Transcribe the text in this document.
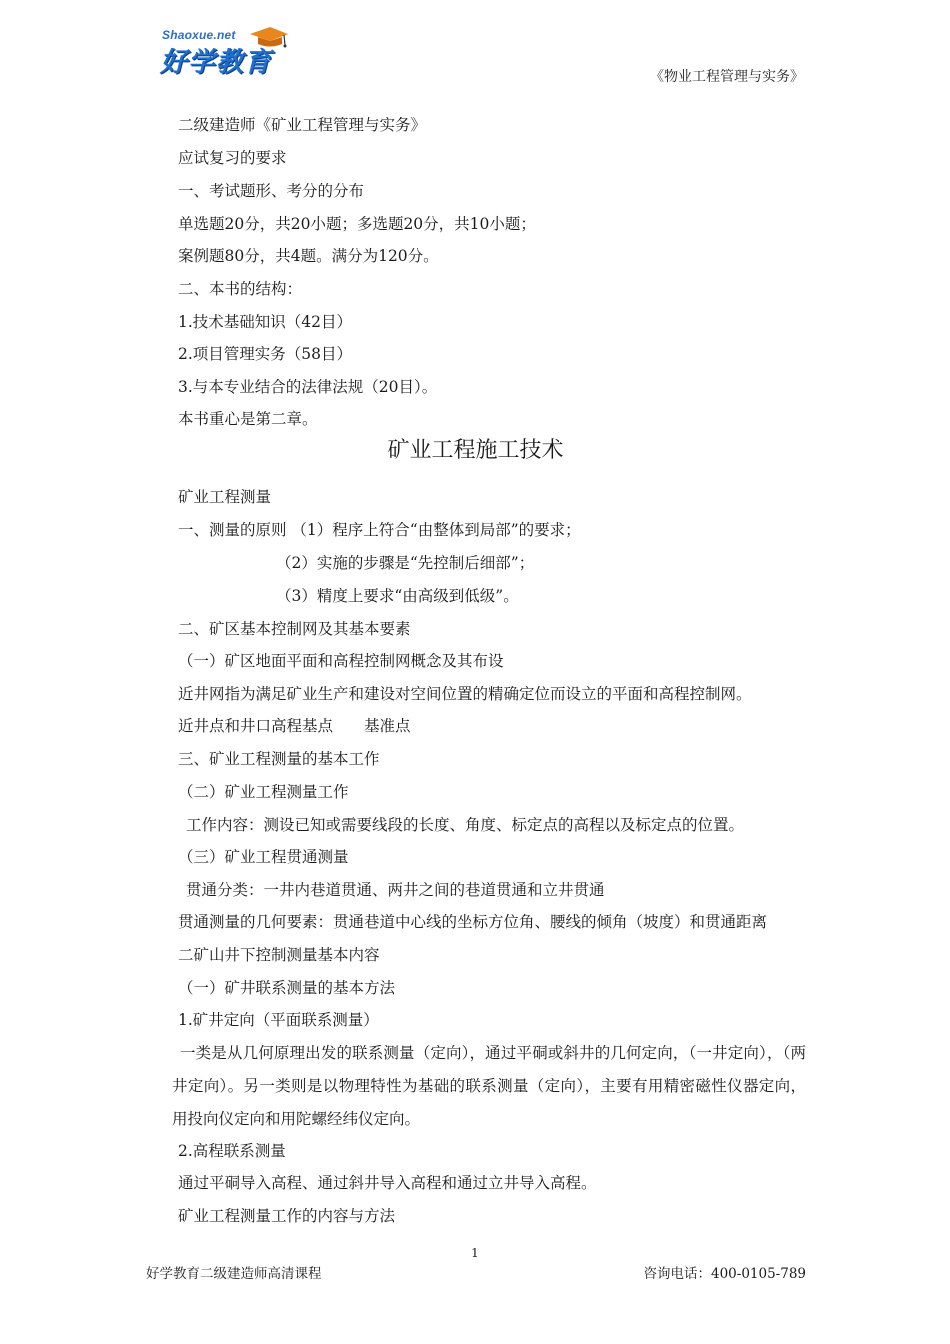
Shaoxue.net
好学教育	《物业工程管理与实务》
二级建造师《矿业工程管理与实务》
应试复习的要求
一、考试题形、考分的分布
单选题20分，共20小题；多选题20分，共10小题；
案例题80分，共4题。满分为120分。
二、本书的结构：
1.技术基础知识（42目）
2.项目管理实务（58目）
3.与本专业结合的法律法规（20目）。
本书重心是第二章。
矿业工程施工技术
矿业工程测量
一、测量的原则 （1）程序上符合“由整体到局部”的要求；
（2）实施的步骤是“先控制后细部”；
（3）精度上要求“由高级到低级”。
二、矿区基本控制网及其基本要素
（一）矿区地面平面和高程控制网概念及其布设
近井网指为满足矿业生产和建设对空间位置的精确定位而设立的平面和高程控制网。
近井点和井口高程基点　　基准点
三、矿业工程测量的基本工作
（二）矿业工程测量工作
工作内容：测设已知或需要线段的长度、角度、标定点的高程以及标定点的位置。
（三）矿业工程贯通测量
贯通分类：一井内巷道贯通、两井之间的巷道贯通和立井贯通
贯通测量的几何要素：贯通巷道中心线的坐标方位角、腰线的倾角（坡度）和贯通距离
二矿山井下控制测量基本内容
（一）矿井联系测量的基本方法
1.矿井定向（平面联系测量）
一类是从几何原理出发的联系测量（定向），通过平硐或斜井的几何定向，（一井定向），（两井定向）。另一类则是以物理特性为基础的联系测量（定向），主要有用精密磁性仪器定向，用投向仪定向和用陀螺经纬仪定向。
2.高程联系测量
通过平硐导入高程、通过斜井导入高程和通过立井导入高程。
矿业工程测量工作的内容与方法
1
好学教育二级建造师高清课程	咨询电话：400-0105-789
